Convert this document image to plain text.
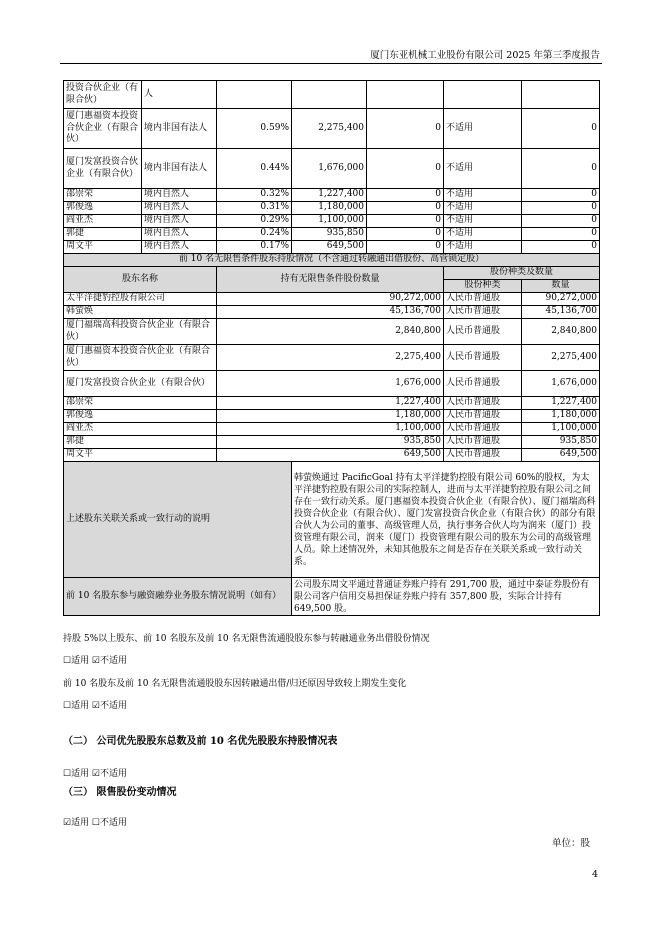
厦门东亚机械工业股份有限公司 2025 年第三季度报告
投资合伙企业（有限合伙）	人					
厦门惠福资本投资合伙企业（有限合伙）	境内非国有法人	0.59%	2,275,400	0	不适用	0
厦门发富投资合伙企业（有限合伙）	境内非国有法人	0.44%	1,676,000	0	不适用	0
邵崇荣	境内自然人	0.32%	1,227,400	0	不适用	0
郭俊逸	境内自然人	0.31%	1,180,000	0	不适用	0
阎亚杰	境内自然人	0.29%	1,100,000	0	不适用	0
郭捷	境内自然人	0.24%	935,850	0	不适用	0
周文平	境内自然人	0.17%	649,500	0	不适用	0
前 10 名无限售条件股东持股情况（不含通过转融通出借股份、高管锁定股）						
股东名称		持有无限售条件股份数量			股份种类及数量	
					股份种类	数量
太平洋捷豹控股有限公司		90,272,000			人民币普通股	90,272,000
韩萤焕		45,136,700			人民币普通股	45,136,700
厦门福瑞高科投资合伙企业（有限合伙）		2,840,800			人民币普通股	2,840,800
厦门惠福资本投资合伙企业（有限合伙）		2,275,400			人民币普通股	2,275,400
厦门发富投资合伙企业（有限合伙）		1,676,000			人民币普通股	1,676,000
邵崇荣		1,227,400			人民币普通股	1,227,400
郭俊逸		1,180,000			人民币普通股	1,180,000
阎亚杰		1,100,000			人民币普通股	1,100,000
郭捷		935,850			人民币普通股	935,850
周文平		649,500			人民币普通股	649,500
上述股东关联关系或一致行动的说明			韩萤焕通过 PacificGoal 持有太平洋捷豹控股有限公司 60%的股权，为太平洋捷豹控股有限公司的实际控制人，进而与太平洋捷豹控股有限公司之间存在一致行动关系。厦门惠福资本投资合伙企业（有限合伙）、厦门福瑞高科投资合伙企业（有限合伙）、厦门发富投资合伙企业（有限合伙）的部分有限合伙人为公司的董事、高级管理人员，执行事务合伙人均为润来（厦门）投资管理有限公司，润来（厦门）投资管理有限公司的股东为公司的高级管理人员。除上述情况外，未知其他股东之间是否存在关联关系或一致行动关系。			
前 10 名股东参与融资融券业务股东情况说明（如有）			公司股东周文平通过普通证券账户持有 291,700 股，通过中泰证券股份有限公司客户信用交易担保证券账户持有 357,800 股，实际合计持有 649,500 股。			
持股 5%以上股东、前 10 名股东及前 10 名无限售流通股股东参与转融通业务出借股份情况
☐适用 ☑不适用
前 10 名股东及前 10 名无限售流通股股东因转融通出借/归还原因导致较上期发生变化
☐适用 ☑不适用
（二） 公司优先股股东总数及前 10 名优先股股东持股情况表
☐适用 ☑不适用
（三） 限售股份变动情况
☑适用 ☐不适用
单位：股
4
